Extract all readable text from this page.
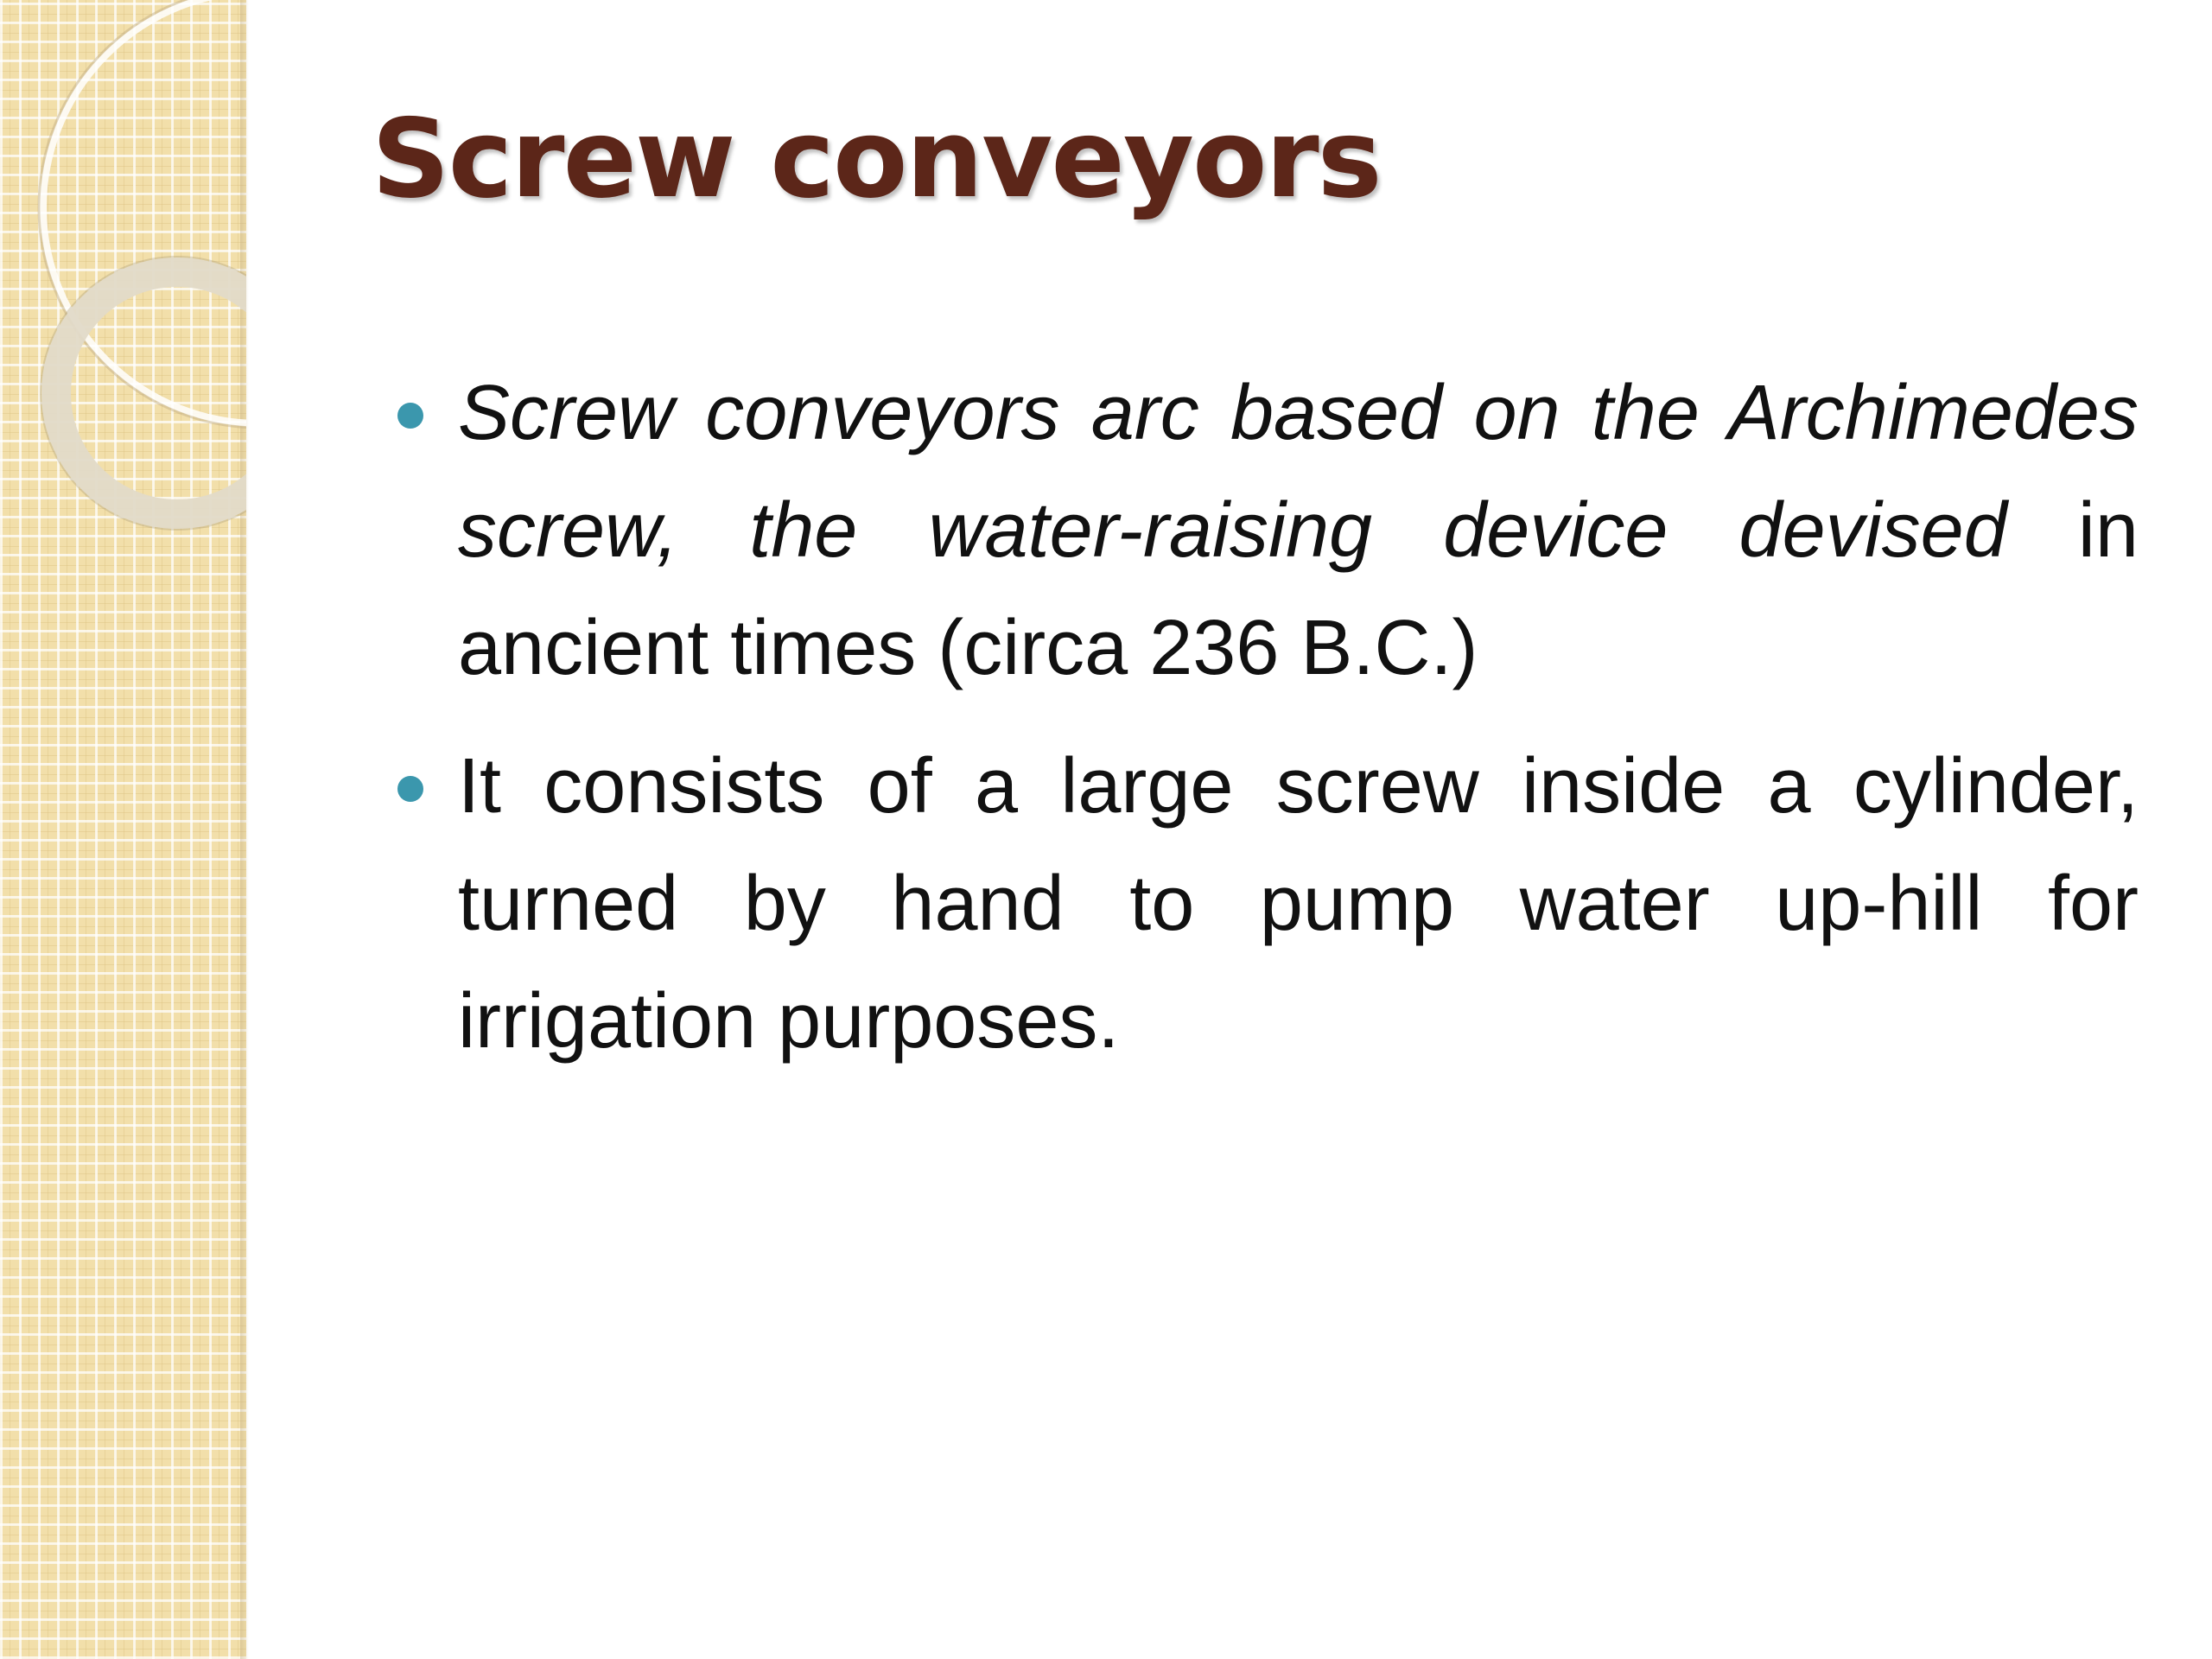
Screw conveyors
Screw conveyors arc based on the Archimedes screw, the water-raising device devised in ancient times (circa 236 B.C.)
It consists of a large screw inside a cylinder, turned by hand to pump water up-hill for irrigation purposes.
